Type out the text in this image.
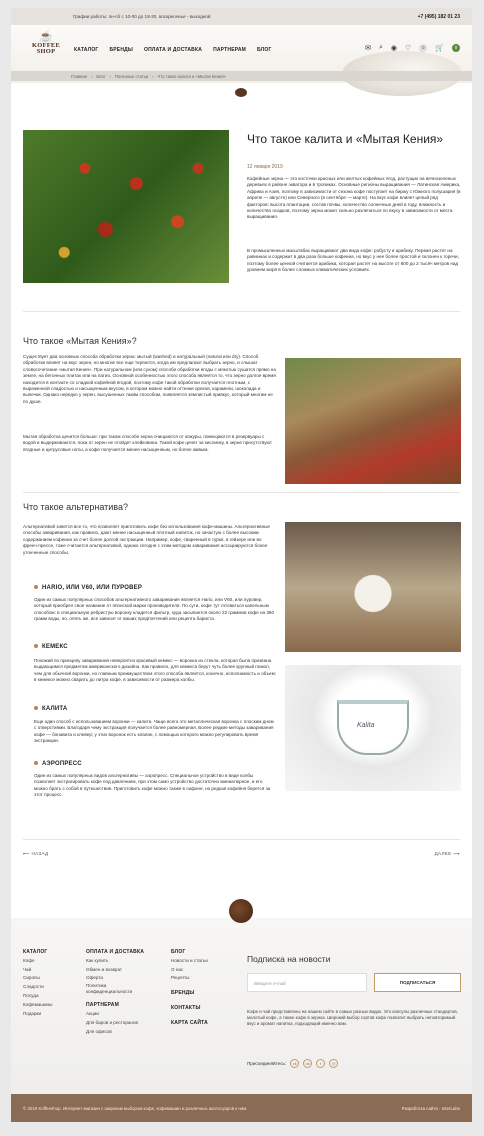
Графии работы: пн-сб с 10-00 до 18-30, воскресенье - выходной	+7 (495) 182 01 23
☕
KOFFEE
SHOP	КАТАЛОГ БРЕНДЫ ОПЛАТА И ДОСТАВКА ПАРТНЕРАМ БЛОГ	✉ ⌕ ◉ ♡	0	🛒	0
Главная › Блог › Полезные статьи › Что такое калита и «Мытая Кения»
Что такое калита и «Мытая Кения»
12 января 2019
Кофейные зерна — это косточки красных или желтых кофейных ягод, растущих на вечнозеленых деревьях в районе экватора и в тропиках. Основные регионы выращивания — Латинская Америка, Африка и Азия, поэтому в зависимости от сезона кофе поступает на биржу с Южного полушария (в апреле — августе) или Северного (в сентябре — марте). На вкус кофе влияет целый ряд факторов: высота плантации, состав почвы, количество солнечных дней в году, влажность и количество осадков, поэтому зерна может сильно различаться по вкусу в зависимости от места выращивания.
В промышленных масштабах выращивают два вида кофе: робусту и арабику. Первая растет на равнинах и содержит в два раза больше кофеина, но вкус у нее более простой и склонен к горечи, поэтому более ценной считается арабика, которая растет на высоте от 800 до 2 тысяч метров над уровнем моря в более сложных климатических условиях.
Что такое «Мытая Кения»?
Существует два основных способа обработки зерна: мытый (washed) и натуральный (natural или dry). Способ обработки влияет на вкус зерен, но многие все еще теряются, когда им предлагают выбрать зерно, и слышат словосочетание «мытая Кения». При натуральном (или сухом) способе обработки ягоды с мякотью сушатся прямо на земле, на бетонных плитах или на патио. Основной особенностью этого способа является то, что зерно долгое время находится в контакте со сладкой кофейной ягодой, поэтому кофе такой обработки получается плотным, с выраженной сладостью и насыщенным вкусом, в котором можно найти оттенки орехов, карамели, шоколада и выпечки. Однако нередко у зерен, высушенных таким способом, появляется землистый привкус, который многим не по душе.
Мытая обработка ценится больше: при таком способе зерна очищаются от кожуры, помещаются в резервуары с водой и выдерживаются, пока от зерен не отойдет клейковина. Такой кофе ценят за кислинку, в зерне присутствуют ягодные и цитрусовые ноты, а кофе получается менее насыщенным, но более живым.
Что такое альтернатива?
Альтернативой зовется все то, что позволяет приготовить кофе без использования кофе-машины. Альтернативные способы заваривания, как правило, дают менее насыщенный плотный напиток, но зачастую с более высоким содержанием кофеина за счет более долгой экстракции. Например, кофе, сваренный в турке, в гейзере или во френч-прессе, тоже считается альтернативой, однако сегодня с этим методом заваривания ассоциируются более утонченные способы.
HARIO, ИЛИ V60, ИЛИ ПУРОВЕР
Один из самых популярных способов альтернативного заваривания является Hario, или V60, или пуровер, который приобрел свое название от японской марки производителя. По сути, кофе тут готовиться капельным способом: в специальную ребристую воронку кладется фильтр, куда засыпается около 22 граммов кофе на 360 грамм воды, но, опять же, все зависит от ваших предпочтений или рецепта бариста.
КЕМЕКС
Похожий по принципу заваривания невероятно красивый кемекс — воронка из стекла, которая была призвана выдающимся предметом американского дизайна. Как правило, для кемекса берут чуть более крупный помол, чем для обычной воронки, но главным преимуществом этого способа является, конечно, исполнимость и объем: в кемексе можно сварить до литра кофе, в зависимости от размера колбы.
Kalita
КАЛИТА
Еще один способ с использованием воронки — калита. Чаще всего это металлическая воронка с плоским дном с отверстиями. Благодаря чему экстракция получается более равномерная. Более редкие методы заваривания кофе — бонавита и клевер; у этих воронок есть клапан, с помощью которого можно регулировать время экстракции.
АЭРОПРЕСС
Один из самых популярных видов альтернативы — аэропресс. Специальное устройство в виде колбы позволяет экстрагировать кофе под давлением, при этом само устройство достаточно миниатюрное, и его можно брать с собой в путешествия. Приготовить кофе можно также в сифоне, но редкая кофейня берется за этот процесс.
⟵ НАЗАД	ДАЛЕЕ ⟶
КАТАЛОГ
Кофе
Чай
Сиропы
Сладости
Посуда
Кофемашины
Подарки
ОПЛАТА И ДОСТАВКА
Как купить
Обмен и возврат
Оферта
Политика
конфиденциальности
ПАРТНЕРАМ
Акции
Для баров и ресторанов
Для офисов
БЛОГ
Новости и статьи
О нас
Рецепты
БРЕНДЫ
КОНТАКТЫ
КАРТА САЙТА
Подписка на новости
Введите e-mail	ПОДПИСАТЬСЯ
Кофе и чай представлены на нашем сайте в самых разных видах. Это капсулы различных стандартов, молотый кофе, а также кофе в зернах. Широкий выбор сортов кофе позволит выбрать неповторимый вкус и аромат напитка, подходящий именно вам.
Присоединяйтесь:	vk	ok	f	◎
© 2019 Koffeeshop. Интернет-магазин с широким выбором кофе, кофемашин и различных аксессуаров к ним.	Разработка сайта - InterLabs
